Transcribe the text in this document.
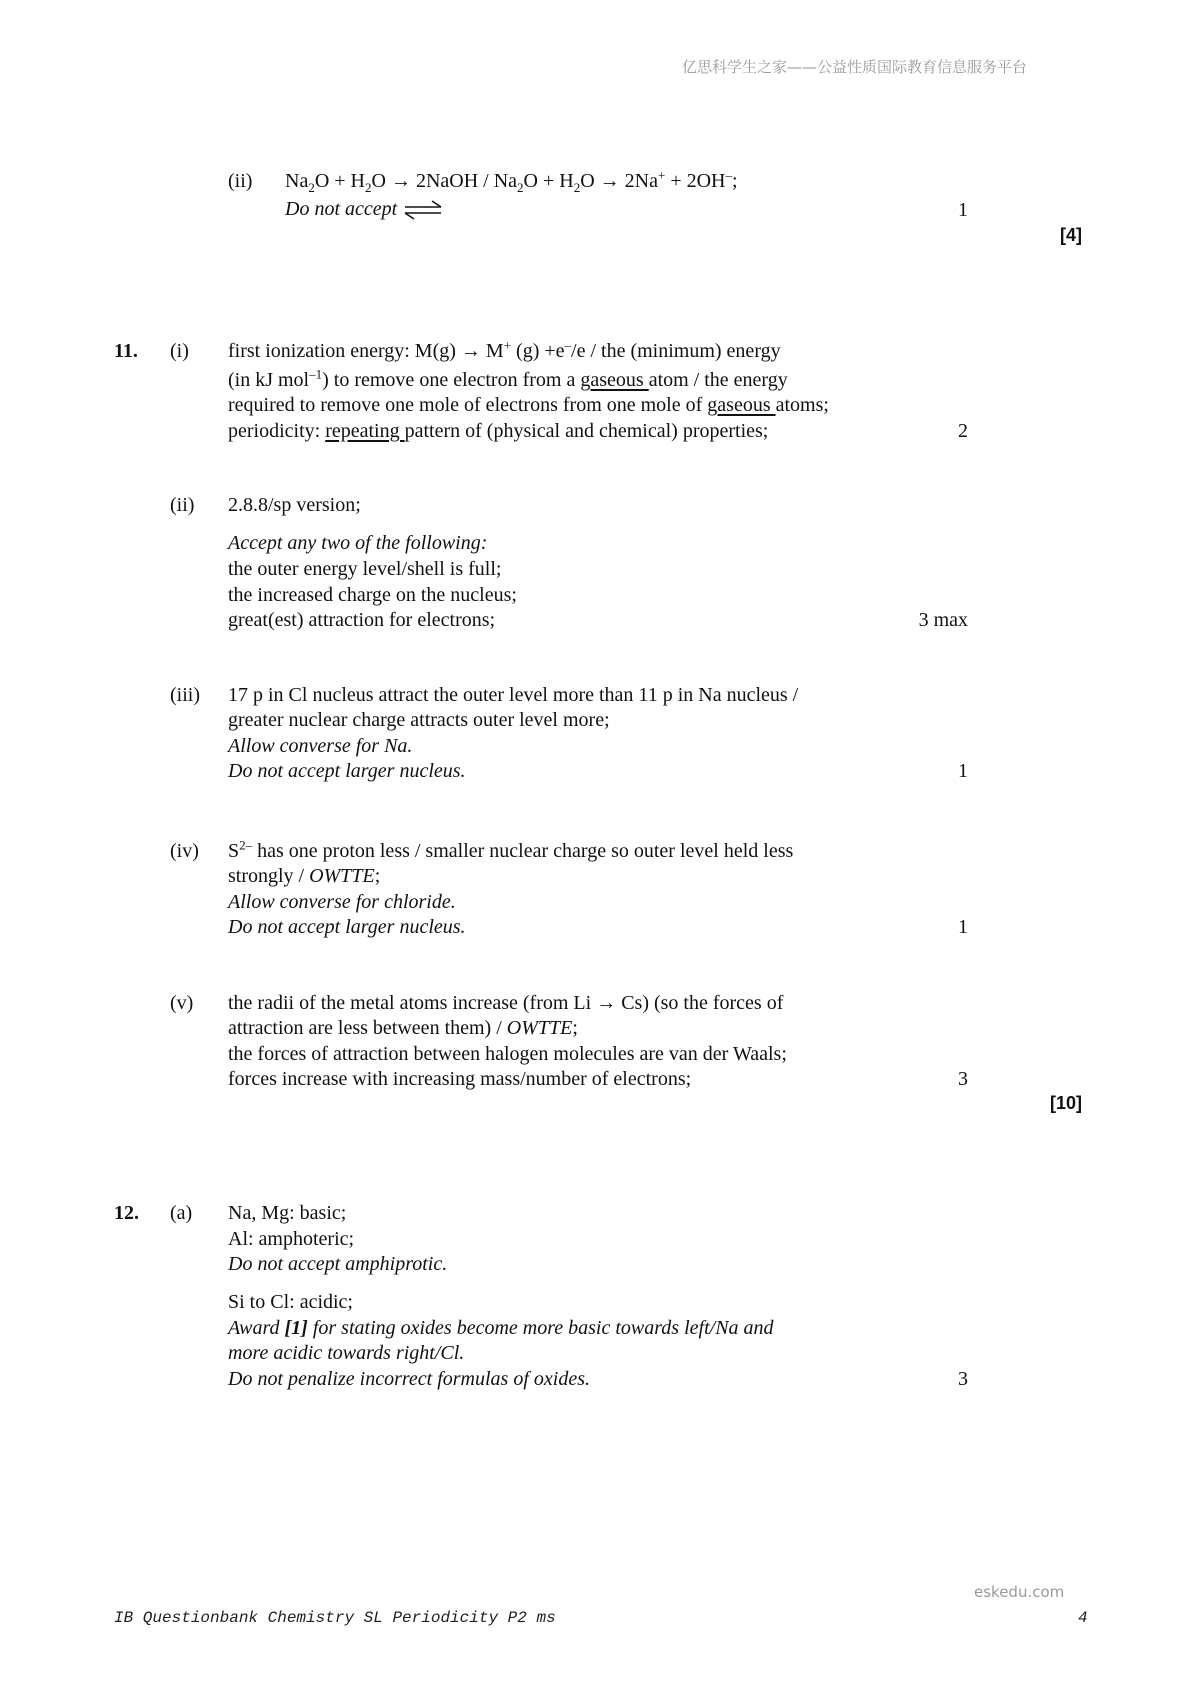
亿思科学生之家——公益性质国际教育信息服务平台
(ii) $Na_2O + H_2O$ → 2NaOH / $Na_2O + H_2O \to 2Na^+ + 2OH^-$;
Do not accept ⇌	1
[4]
11. (i) first ionization energy: M(g) → M+ (g) +e–/e / the (minimum) energy
(in kJ mol$^{-1}$) to remove one electron from a gaseous atom / the energy
required to remove one mole of electrons from one mole of gaseous atoms;
periodicity: repeating pattern of (physical and chemical) properties;	2
(ii) 2.8.8/sp version;
Accept any two of the following:
the outer energy level/shell is full;
the increased charge on the nucleus;
great(est) attraction for electrons;	3 max
(iii) 17 p in Cl nucleus attract the outer level more than 11 p in Na nucleus /
greater nuclear charge attracts outer level more;
Allow converse for Na.
Do not accept larger nucleus.	1
(iv) $S^{2-}$ has one proton less / smaller nuclear charge so outer level held less
strongly / OWTTE;
Allow converse for chloride.
Do not accept larger nucleus.	1
(v) the radii of the metal atoms increase (from Li → Cs) (so the forces of
attraction are less between them) / OWTTE;
the forces of attraction between halogen molecules are van der Waals;
forces increase with increasing mass/number of electrons;	3
[10]
12. (a) Na, Mg: basic;
Al: amphoteric;
Do not accept amphiprotic.
Si to Cl: acidic;
Award [1] for stating oxides become more basic towards left/Na and
more acidic towards right/Cl.
Do not penalize incorrect formulas of oxides.	3
eskedu.com
IB Questionbank Chemistry SL Periodicity P2 ms	4
